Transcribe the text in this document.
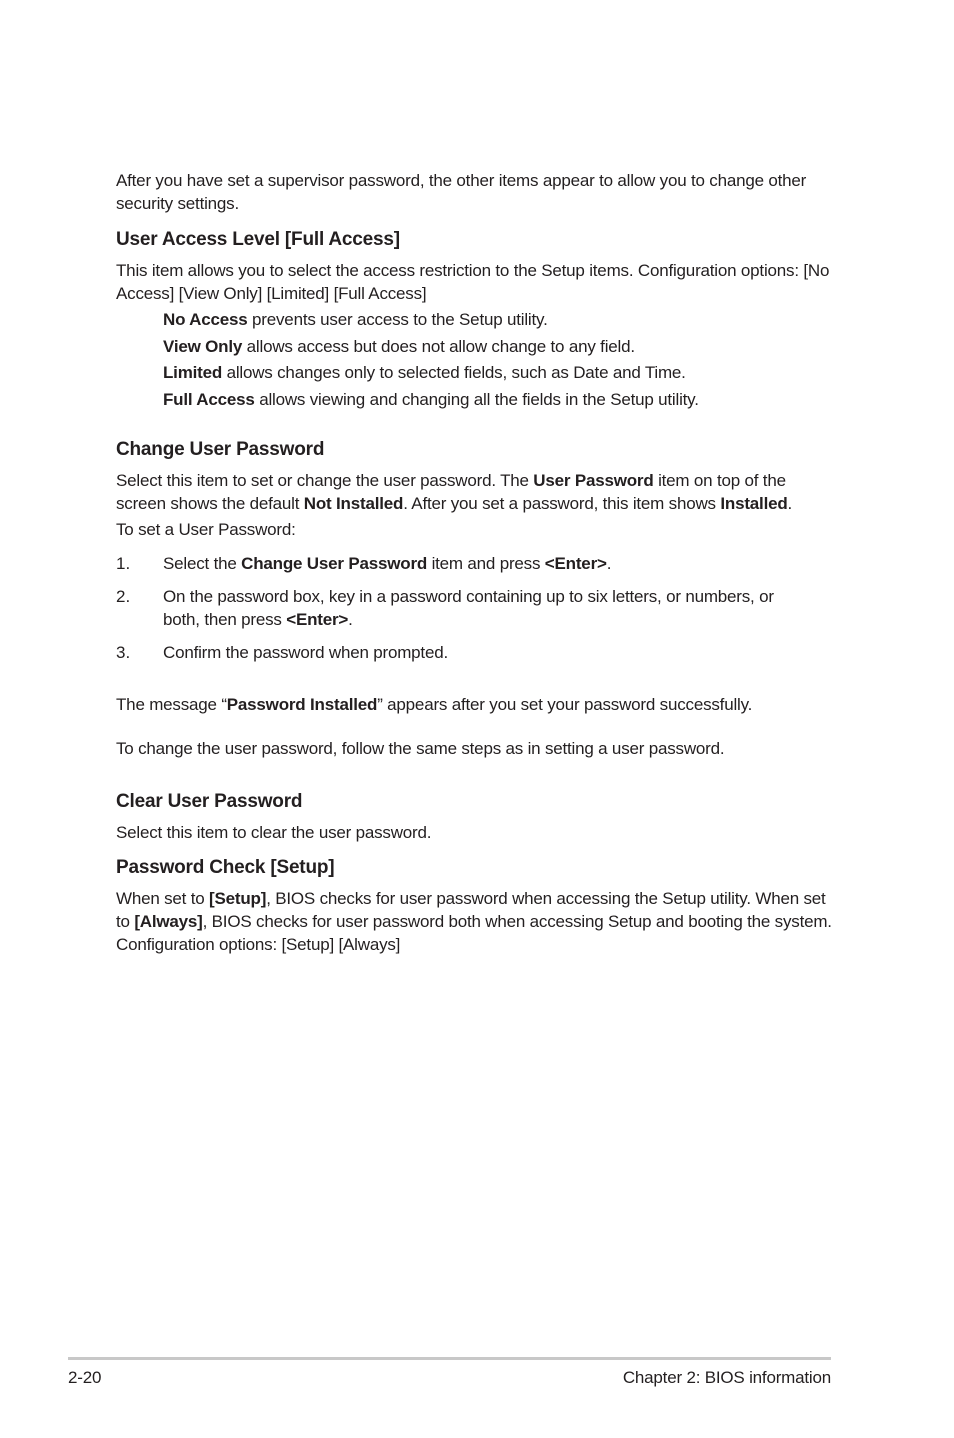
After you have set a supervisor password, the other items appear to allow you to change other security settings.

User Access Level [Full Access]

This item allows you to select the access restriction to the Setup items. Configuration options: [No Access] [View Only] [Limited] [Full Access]

No Access prevents user access to the Setup utility.

View Only allows access but does not allow change to any field.

Limited allows changes only to selected fields, such as Date and Time.

Full Access allows viewing and changing all the fields in the Setup utility.

Change User Password

Select this item to set or change the user password. The User Password item on top of the screen shows the default Not Installed. After you set a password, this item shows Installed.

To set a User Password:

1. Select the Change User Password item and press <Enter>.

2. On the password box, key in a password containing up to six letters, or numbers, or both, then press <Enter>.

3. Confirm the password when prompted.

The message “Password Installed” appears after you set your password successfully.

To change the user password, follow the same steps as in setting a user password.

Clear User Password

Select this item to clear the user password.

Password Check [Setup]

When set to [Setup], BIOS checks for user password when accessing the Setup utility. When set to [Always], BIOS checks for user password both when accessing Setup and booting the system. Configuration options: [Setup] [Always]

2-20	Chapter 2: BIOS information
